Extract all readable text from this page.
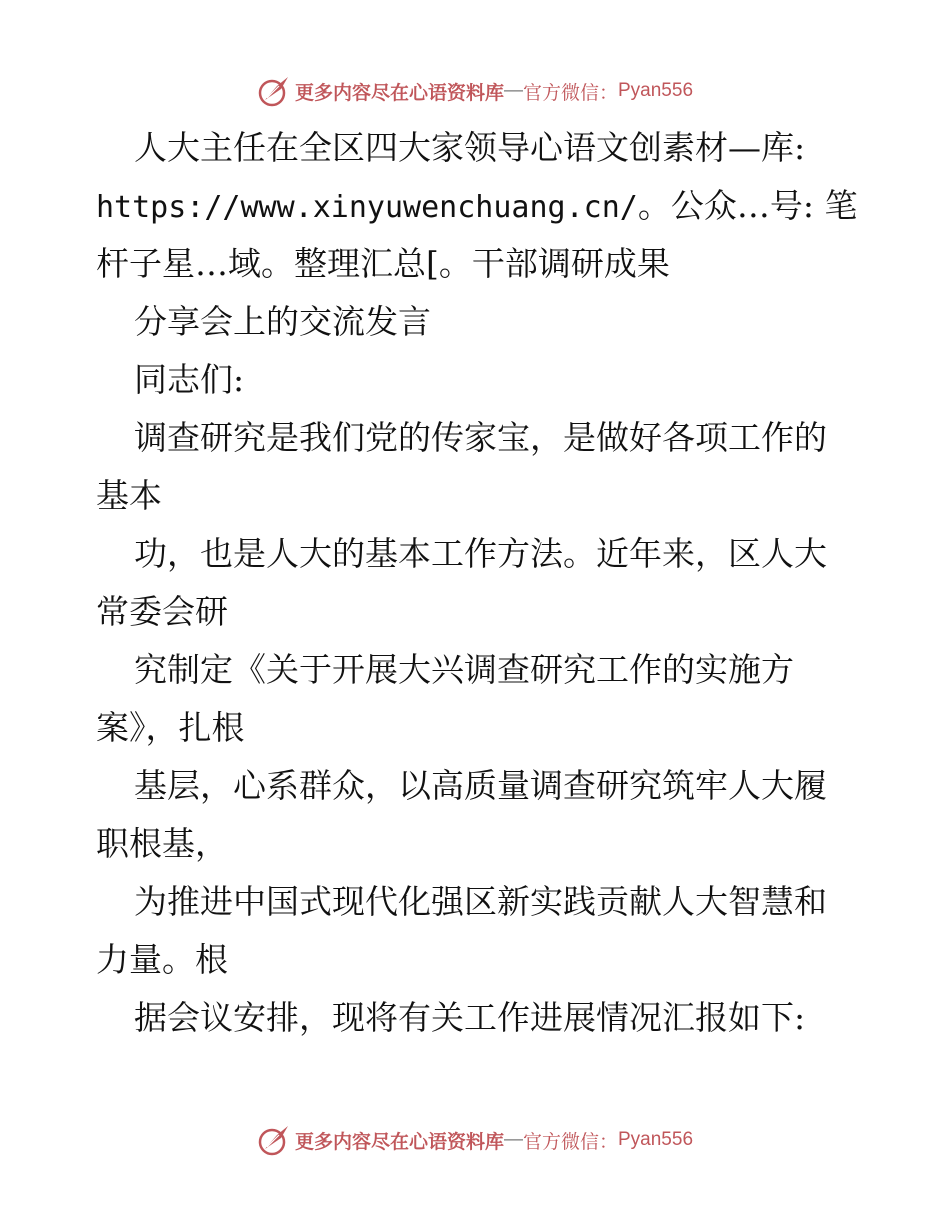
更多内容尽在心语资料库 — 官方微信： Pyan556
人大主任在全区四大家领导心语文创素材—库:
https://www.xinyuwenchuang.cn/。公众…号: 笔
杆子星…域。整理汇总[。干部调研成果
分享会上的交流发言
同志们:
调查研究是我们党的传家宝，是做好各项工作的
基本
功，也是人大的基本工作方法。近年来，区人大
常委会研
究制定《关于开展大兴调查研究工作的实施方
案》，扎根
基层，心系群众，以高质量调查研究筑牢人大履
职根基，
为推进中国式现代化强区新实践贡献人大智慧和
力量。根
据会议安排，现将有关工作进展情况汇报如下:
更多内容尽在心语资料库 — 官方微信： Pyan556
